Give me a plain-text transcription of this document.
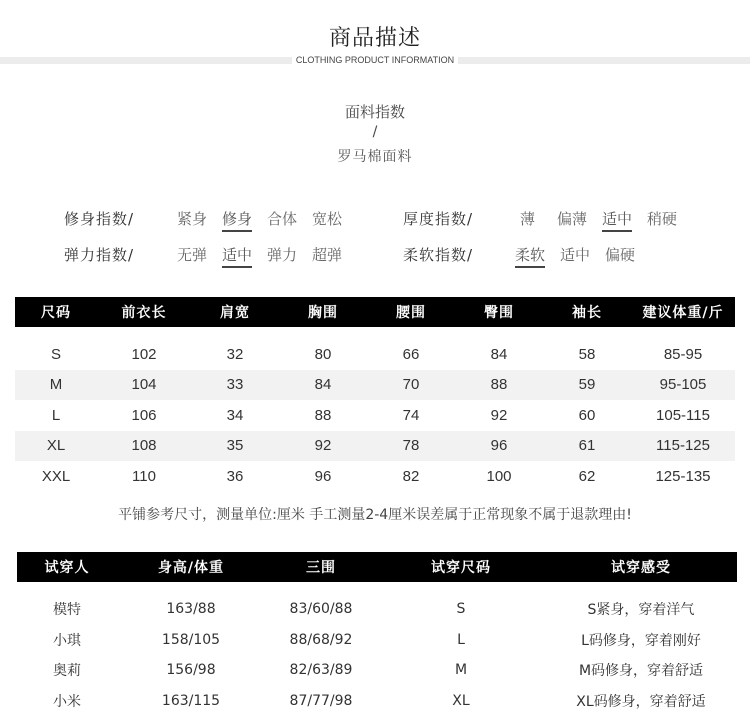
商品描述
CLOTHING PRODUCT INFORMATION
面料指数
/
罗马棉面料
修身指数/	紧身 修身 合体 宽松	厚度指数/	薄 偏薄 适中 稍硬
弹力指数/	无弹 适中 弹力 超弹	柔软指数/	柔软 适中 偏硬
尺码	前衣长	肩宽	胸围	腰围	臀围	袖长	建议体重/斤

S	102	32	80	66	84	58	85-95
M	104	33	84	70	88	59	95-105
L	106	34	88	74	92	60	105-115
XL	108	35	92	78	96	61	115-125
XXL	110	36	96	82	100	62	125-135
平铺参考尺寸，测量单位:厘米 手工测量2-4厘米误差属于正常现象不属于退款理由!
试穿人	身高/体重	三围	试穿尺码	试穿感受

模特	163/88	83/60/88	S	S紧身，穿着洋气
小琪	158/105	88/68/92	L	L码修身，穿着刚好
奥莉	156/98	82/63/89	M	M码修身，穿着舒适
小米	163/115	87/77/98	XL	XL码修身，穿着舒适
